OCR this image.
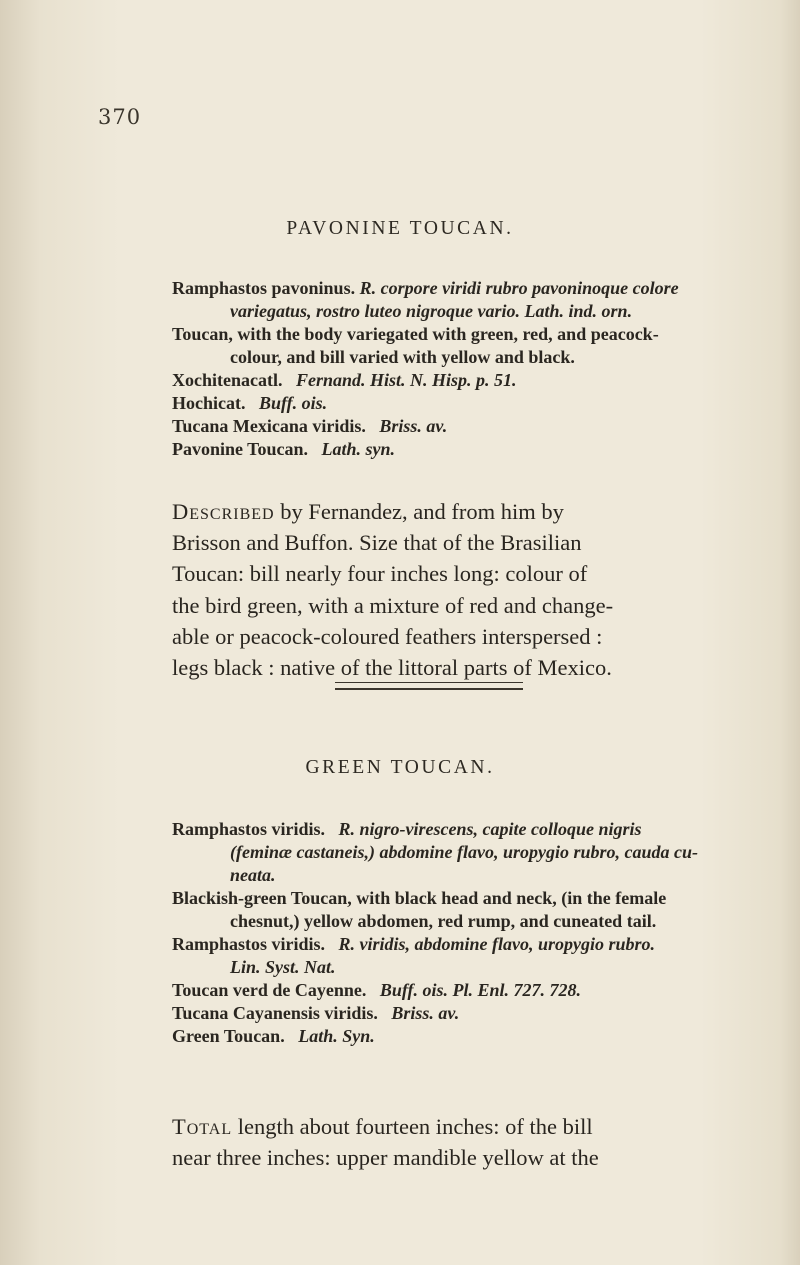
370
PAVONINE TOUCAN.
Ramphastos pavoninus. R. corpore viridi rubro pavoninoque colore
variegatus, rostro luteo nigroque vario. Lath. ind. orn.
Toucan, with the body variegated with green, red, and peacock-
colour, and bill varied with yellow and black.
Xochitenacatl. Fernand. Hist. N. Hisp. p. 51.
Hochicat. Buff. ois.
Tucana Mexicana viridis. Briss. av.
Pavonine Toucan. Lath. syn.
Described by Fernandez, and from him by
Brisson and Buffon. Size that of the Brasilian
Toucan: bill nearly four inches long: colour of
the bird green, with a mixture of red and change-
able or peacock-coloured feathers interspersed :
legs black : native of the littoral parts of Mexico.
GREEN TOUCAN.
Ramphastos viridis. R. nigro-virescens, capite colloque nigris
(feminæ castaneis,) abdomine flavo, uropygio rubro, cauda cu-
neata.
Blackish-green Toucan, with black head and neck, (in the female
chesnut,) yellow abdomen, red rump, and cuneated tail.
Ramphastos viridis. R. viridis, abdomine flavo, uropygio rubro.
Lin. Syst. Nat.
Toucan verd de Cayenne. Buff. ois. Pl. Enl. 727. 728.
Tucana Cayanensis viridis. Briss. av.
Green Toucan. Lath. Syn.
Total length about fourteen inches: of the bill
near three inches: upper mandible yellow at the
